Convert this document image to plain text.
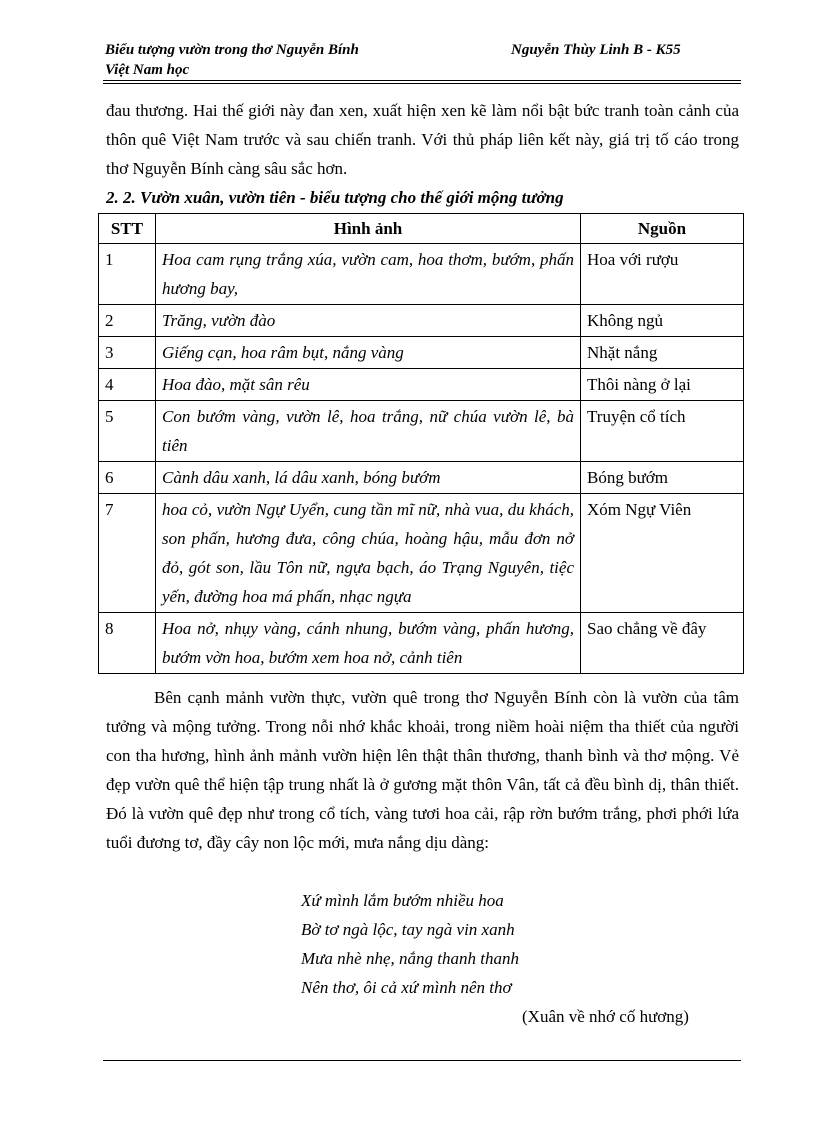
Biểu tượng vườn trong thơ Nguyễn Bính
Việt Nam học
Nguyễn Thùy Linh B - K55
đau thương. Hai thế giới này đan xen, xuất hiện xen kẽ làm nổi bật bức tranh toàn cảnh của thôn quê Việt Nam trước và sau chiến tranh. Với thủ pháp liên kết này, giá trị tố cáo trong thơ Nguyễn Bính càng sâu sắc hơn.
2. 2. Vườn xuân, vườn tiên - biểu tượng cho thế giới mộng tưởng
STT	Hình ảnh	Nguồn
1	Hoa cam rụng trắng xúa, vườn cam, hoa thơm, bướm, phấn hương bay,	Hoa với rượu
2	Trăng, vườn đào	Không ngủ
3	Giếng cạn, hoa râm bụt, nắng vàng	Nhặt nắng
4	Hoa đào, mặt sân rêu	Thôi nàng ở lại
5	Con bướm vàng, vườn lê, hoa trắng, nữ chúa vườn lê, bà tiên	Truyện cổ tích
6	Cành dâu xanh, lá dâu xanh, bóng bướm	Bóng bướm
7	hoa cỏ, vườn Ngự Uyển, cung tần mĩ nữ, nhà vua, du khách, son phấn, hương đưa, công chúa, hoàng hậu, mẫu đơn nở đỏ, gót son, lầu Tôn nữ, ngựa bạch, áo Trạng Nguyên, tiệc yến, đường hoa má phấn, nhạc ngựa	Xóm Ngự Viên
8	Hoa nở, nhụy vàng, cánh nhung, bướm vàng, phấn hương, bướm vờn hoa, bướm xem hoa nở, cảnh tiên	Sao chẳng về đây
Bên cạnh mảnh vườn thực, vườn quê trong thơ Nguyễn Bính còn là vườn của tâm tưởng và mộng tưởng. Trong nỗi nhớ khắc khoải, trong niềm hoài niệm tha thiết của người con tha hương, hình ảnh mảnh vườn hiện lên thật thân thương, thanh bình và thơ mộng. Vẻ đẹp vườn quê thể hiện tập trung nhất là ở gương mặt thôn Vân, tất cả đều bình dị, thân thiết. Đó là vườn quê đẹp như trong cổ tích, vàng tươi hoa cải, rập rờn bướm trắng, phơi phới lứa tuổi đương tơ, đầy cây non lộc mới, mưa nắng dịu dàng:
Xứ mình lắm bướm nhiều hoa
Bờ tơ ngà lộc, tay ngà vin xanh
Mưa nhè nhẹ, nắng thanh thanh
Nên thơ, ôi cả xứ mình nên thơ
(Xuân về nhớ cố hương)
